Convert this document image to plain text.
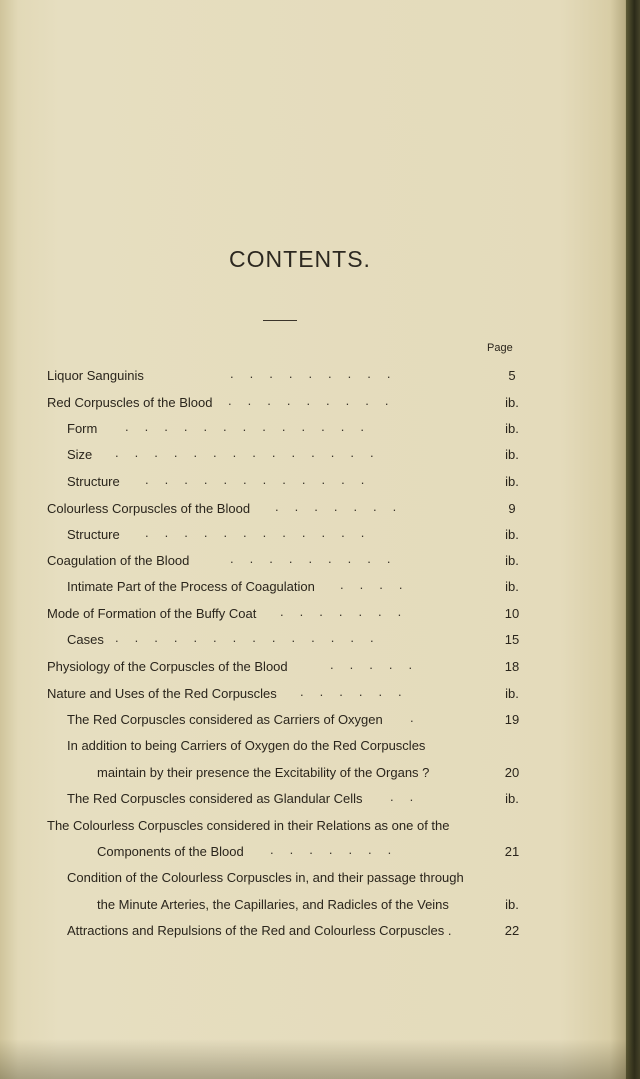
CONTENTS.
Page
Liquor Sanguinis	.........	5
Red Corpuscles of the Blood .........	ib.
Form .............	ib.
Size ..............	ib.
Structure ............	ib.
Colourless Corpuscles of the Blood .......	9
Structure ............	ib.
Coagulation of the Blood	.........	ib.
Intimate Part of the Process of Coagulation ....	ib.
Mode of Formation of the Buffy Coat .......	10
Cases ..............	15
Physiology of the Corpuscles of the Blood	.....	18
Nature and Uses of the Red Corpuscles ......	ib.
The Red Corpuscles considered as Carriers of Oxygen .	19
In addition to being Carriers of Oxygen do the Red Corpuscles
maintain by their presence the Excitability of the Organs ?	20
The Red Corpuscles considered as Glandular Cells ..	ib.
The Colourless Corpuscles considered in their Relations as one of the
Components of the Blood .......	21
Condition of the Colourless Corpuscles in, and their passage through
the Minute Arteries, the Capillaries, and Radicles of the Veins	ib.
Attractions and Repulsions of the Red and Colourless Corpuscles .	22
